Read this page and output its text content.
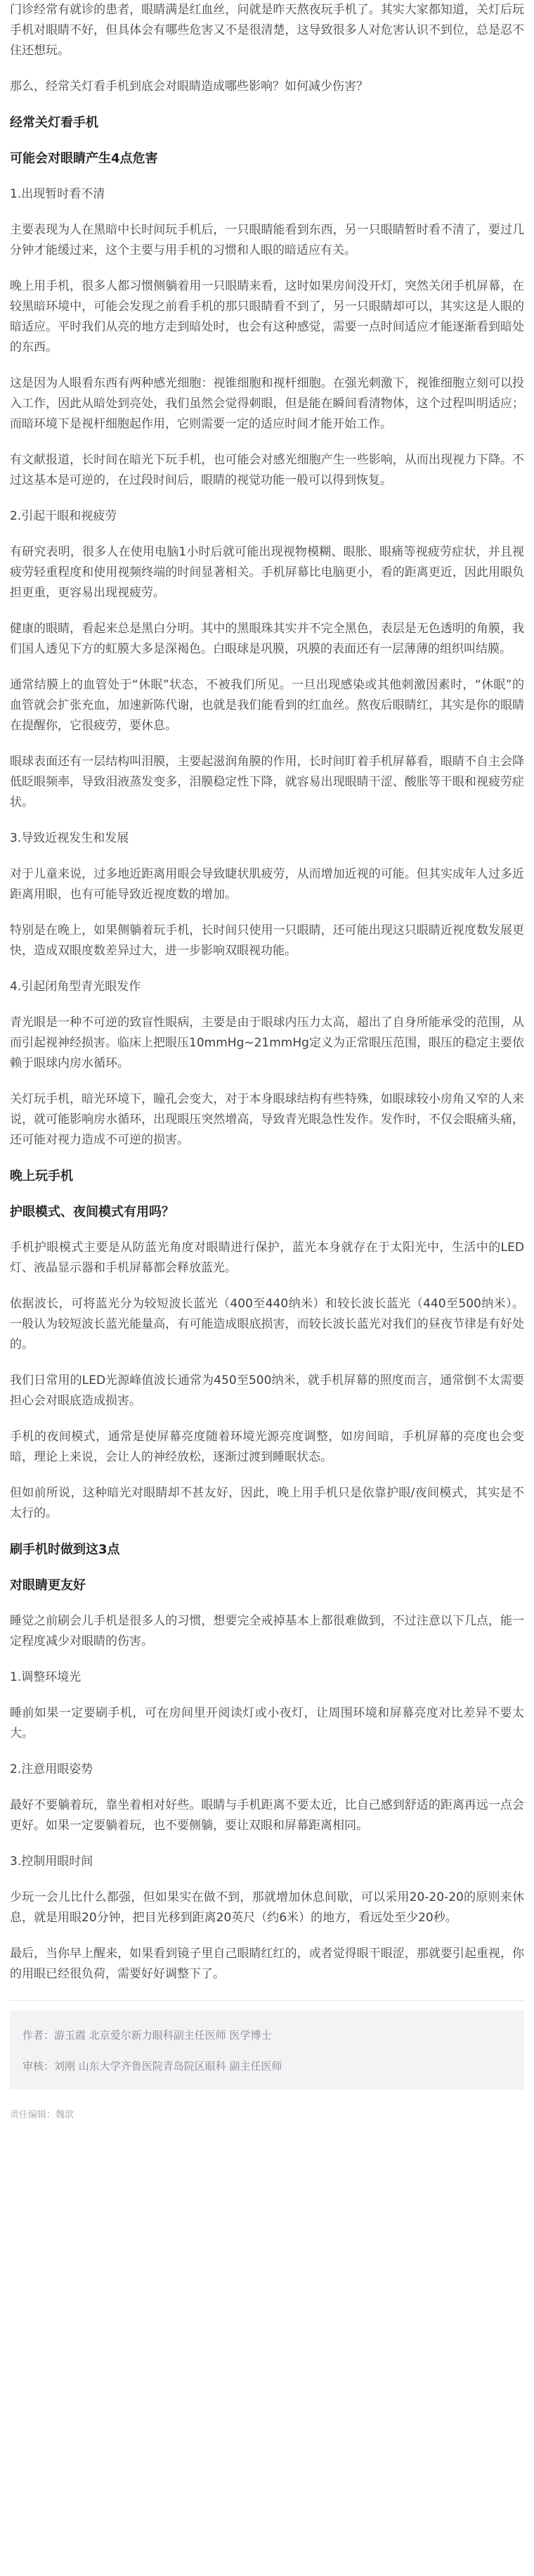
门诊经常有就诊的患者，眼睛满是红血丝，问就是昨天熬夜玩手机了。其实大家都知道，关灯后玩手机对眼睛不好，但具体会有哪些危害又不是很清楚，这导致很多人对危害认识不到位，总是忍不住还想玩。

那么，经常关灯看手机到底会对眼睛造成哪些影响？如何减少伤害？

经常关灯看手机
可能会对眼睛产生4点危害
1.出现暂时看不清

主要表现为人在黑暗中长时间玩手机后，一只眼睛能看到东西，另一只眼睛暂时看不清了，要过几分钟才能缓过来，这个主要与用手机的习惯和人眼的暗适应有关。

晚上用手机，很多人都习惯侧躺着用一只眼睛来看，这时如果房间没开灯，突然关闭手机屏幕，在较黑暗环境中，可能会发现之前看手机的那只眼睛看不到了，另一只眼睛却可以，其实这是人眼的暗适应。平时我们从亮的地方走到暗处时，也会有这种感觉，需要一点时间适应才能逐渐看到暗处的东西。

这是因为人眼看东西有两种感光细胞：视锥细胞和视杆细胞。在强光刺激下，视锥细胞立刻可以投入工作，因此从暗处到亮处，我们虽然会觉得刺眼，但是能在瞬间看清物体，这个过程叫明适应；而暗环境下是视杆细胞起作用，它则需要一定的适应时间才能开始工作。

有文献报道，长时间在暗光下玩手机，也可能会对感光细胞产生一些影响，从而出现视力下降。不过这基本是可逆的，在过段时间后，眼睛的视觉功能一般可以得到恢复。

2.引起干眼和视疲劳

有研究表明，很多人在使用电脑1小时后就可能出现视物模糊、眼胀、眼痛等视疲劳症状，并且视疲劳轻重程度和使用视频终端的时间显著相关。手机屏幕比电脑更小，看的距离更近，因此用眼负担更重，更容易出现视疲劳。

健康的眼睛，看起来总是黑白分明。其中的黑眼珠其实并不完全黑色，表层是无色透明的角膜，我们国人透见下方的虹膜大多是深褐色。白眼球是巩膜，巩膜的表面还有一层薄薄的组织叫结膜。

通常结膜上的血管处于“休眠”状态，不被我们所见。一旦出现感染或其他刺激因素时，“休眠”的血管就会扩张充血，加速新陈代谢，也就是我们能看到的红血丝。熬夜后眼睛红，其实是你的眼睛在提醒你，它很疲劳，要休息。

眼球表面还有一层结构叫泪膜，主要起滋润角膜的作用，长时间盯着手机屏幕看，眼睛不自主会降低眨眼频率，导致泪液蒸发变多，泪膜稳定性下降，就容易出现眼睛干涩、酸胀等干眼和视疲劳症状。

3.导致近视发生和发展

对于儿童来说，过多地近距离用眼会导致睫状肌疲劳，从而增加近视的可能。但其实成年人过多近距离用眼，也有可能导致近视度数的增加。

特别是在晚上，如果侧躺着玩手机，长时间只使用一只眼睛，还可能出现这只眼睛近视度数发展更快，造成双眼度数差异过大，进一步影响双眼视功能。

4.引起闭角型青光眼发作

青光眼是一种不可逆的致盲性眼病，主要是由于眼球内压力太高，超出了自身所能承受的范围，从而引起视神经损害。临床上把眼压10mmHg~21mmHg定义为正常眼压范围，眼压的稳定主要依赖于眼球内房水循环。

关灯玩手机，暗光环境下，瞳孔会变大，对于本身眼球结构有些特殊，如眼球较小房角又窄的人来说，就可能影响房水循环，出现眼压突然增高，导致青光眼急性发作。发作时，不仅会眼痛头痛，还可能对视力造成不可逆的损害。

晚上玩手机
护眼模式、夜间模式有用吗？

手机护眼模式主要是从防蓝光角度对眼睛进行保护，蓝光本身就存在于太阳光中，生活中的LED灯、液晶显示器和手机屏幕都会释放蓝光。

依据波长，可将蓝光分为较短波长蓝光（400至440纳米）和较长波长蓝光（440至500纳米）。一般认为较短波长蓝光能量高，有可能造成眼底损害，而较长波长蓝光对我们的昼夜节律是有好处的。

我们日常用的LED光源峰值波长通常为450至500纳米，就手机屏幕的照度而言，通常倒不太需要担心会对眼底造成损害。

手机的夜间模式，通常是使屏幕亮度随着环境光源亮度调整，如房间暗，手机屏幕的亮度也会变暗，理论上来说，会让人的神经放松，逐渐过渡到睡眠状态。

但如前所说，这种暗光对眼睛却不甚友好，因此，晚上用手机只是依靠护眼/夜间模式，其实是不太行的。

刷手机时做到这3点
对眼睛更友好

睡觉之前刷会儿手机是很多人的习惯，想要完全戒掉基本上都很难做到，不过注意以下几点，能一定程度减少对眼睛的伤害。

1.调整环境光

睡前如果一定要刷手机，可在房间里开阅读灯或小夜灯，让周围环境和屏幕亮度对比差异不要太大。

2.注意用眼姿势

最好不要躺着玩，靠坐着相对好些。眼睛与手机距离不要太近，比自己感到舒适的距离再远一点会更好。如果一定要躺着玩，也不要侧躺，要让双眼和屏幕距离相同。

3.控制用眼时间

少玩一会儿比什么都强，但如果实在做不到，那就增加休息间歇，可以采用20-20-20的原则来休息，就是用眼20分钟，把目光移到距离20英尺（约6米）的地方，看远处至少20秒。

最后，当你早上醒来，如果看到镜子里自己眼睛红红的，或者觉得眼干眼涩，那就要引起重视，你的用眼已经很负荷，需要好好调整下了。

作者：游玉霞 北京爱尔新力眼科副主任医师 医学博士
审核：刘刚 山东大学齐鲁医院青岛院区眼科 副主任医师
责任编辑：魏歆
